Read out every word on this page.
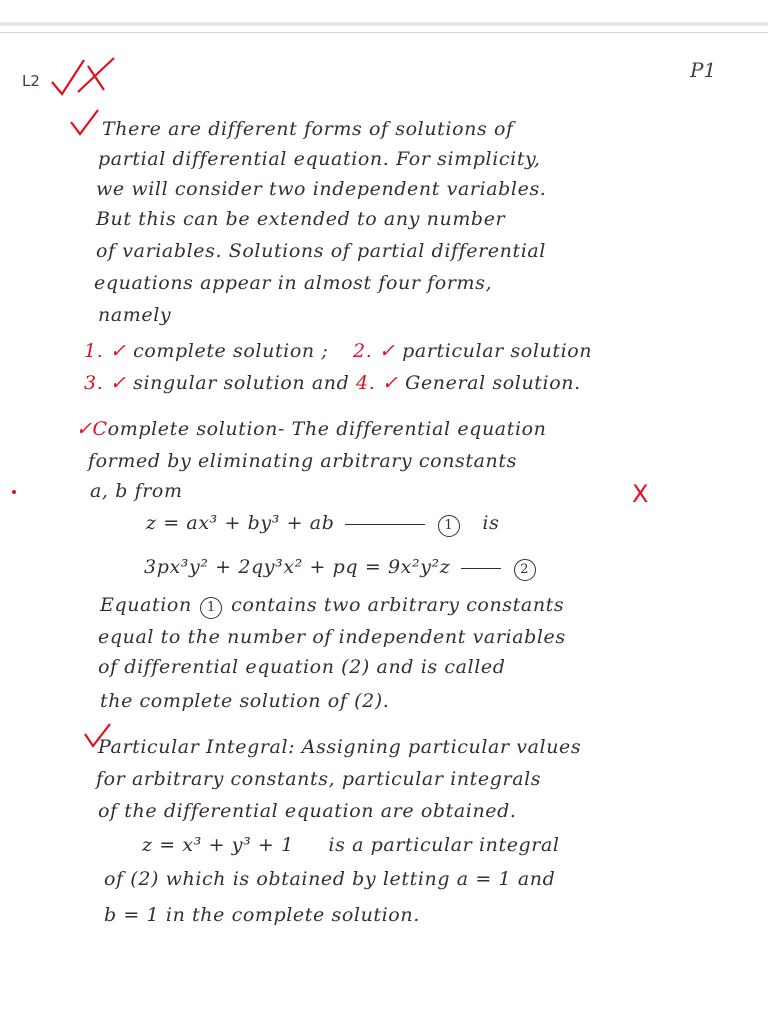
L2	P1
There are different forms of solutions of
partial differential equation. For simplicity,
we will consider two independent variables.
But this can be extended to any number
of variables. Solutions of partial differential
equations appear in almost four forms,
namely
1. ✓ complete solution ; 2. ✓ particular solution
3. ✓ singular solution and 4. ✓ General solution.
✓Complete solution- The differential equation
formed by eliminating arbitrary constants
a, b from	X
z = ax³ + by³ + ab	1 is
3px³y² + 2qy³x² + pq = 9x²y²z	2
Equation 1 contains two arbitrary constants
equal to the number of independent variables
of differential equation (2) and is called
the complete solution of (2).
Particular Integral: Assigning particular values
for arbitrary constants, particular integrals
of the differential equation are obtained.
z = x³ + y³ + 1 is a particular integral
of (2) which is obtained by letting a = 1 and
b = 1 in the complete solution.
